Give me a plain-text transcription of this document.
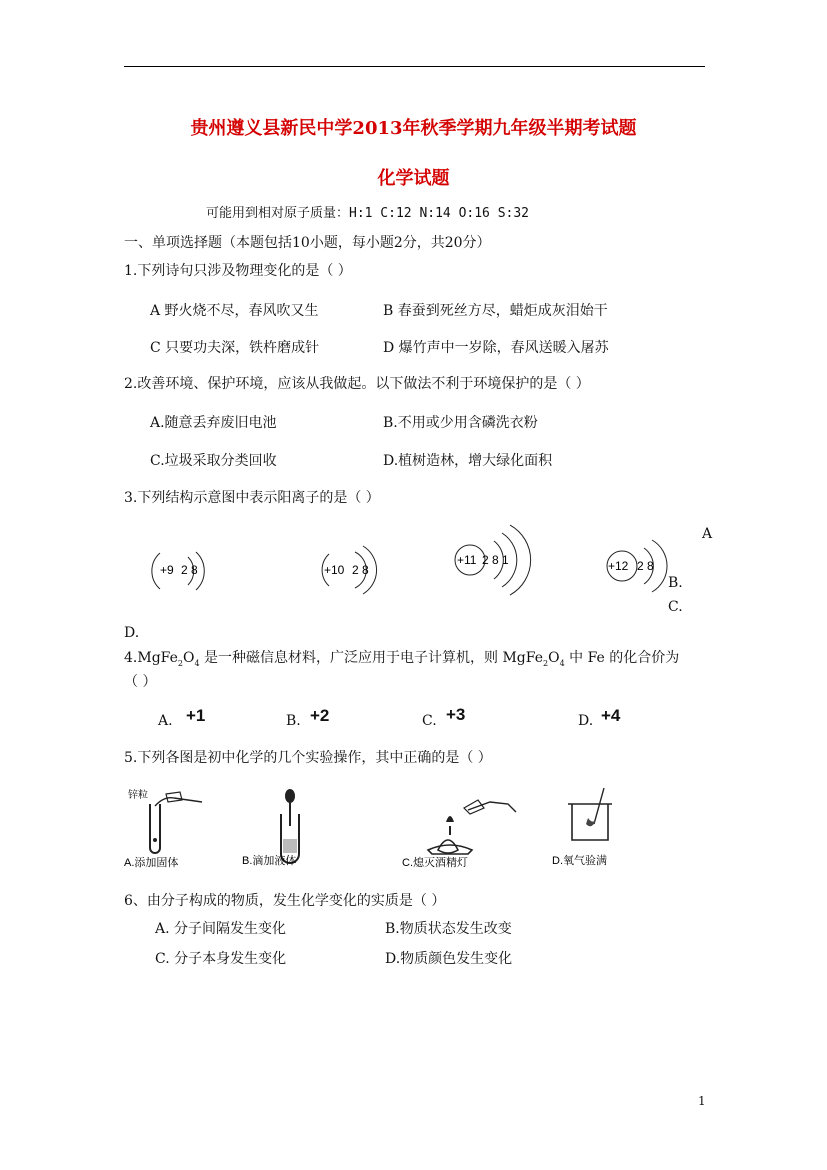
贵州遵义县新民中学2013年秋季学期九年级半期考试题
化学试题
可能用到相对原子质量：H:1 C:12 N:14 O:16 S:32
一、单项选择题（本题包括10小题，每小题2分，共20分）
1.下列诗句只涉及物理变化的是（ ）
A 野火烧不尽，春风吹又生	B 春蚕到死丝方尽，蜡炬成灰泪始干
C 只要功夫深，铁杵磨成针	D 爆竹声中一岁除，春风送暖入屠苏
2.改善环境、保护环境，应该从我做起。以下做法不利于环境保护的是（ ）
A.随意丢弃废旧电池	B.不用或少用含磷洗衣粉
C.垃圾采取分类回收	D.植树造林，增大绿化面积
3.下列结构示意图中表示阳离子的是（ ）
+9 2 8	+10 2 8
+11 2 8 1	+12 2 8
A
B.
C.
D.
$4.MgFe_2O_4$ 是一种磁信息材料，广泛应用于电子计算机，则 $MgFe_2O_4$ 中 Fe 的化合价为
（ ）
A. +1	B. +2	C. +3	D. +4
5.下列各图是初中化学的几个实验操作，其中正确的是（ ）
锌粒
A.添加固体	B.滴加液体	C.熄灭酒精灯	D.氧气验满
6、由分子构成的物质，发生化学变化的实质是（ ）
A. 分子间隔发生变化	B.物质状态发生改变
C. 分子本身发生变化	D.物质颜色发生变化
1
